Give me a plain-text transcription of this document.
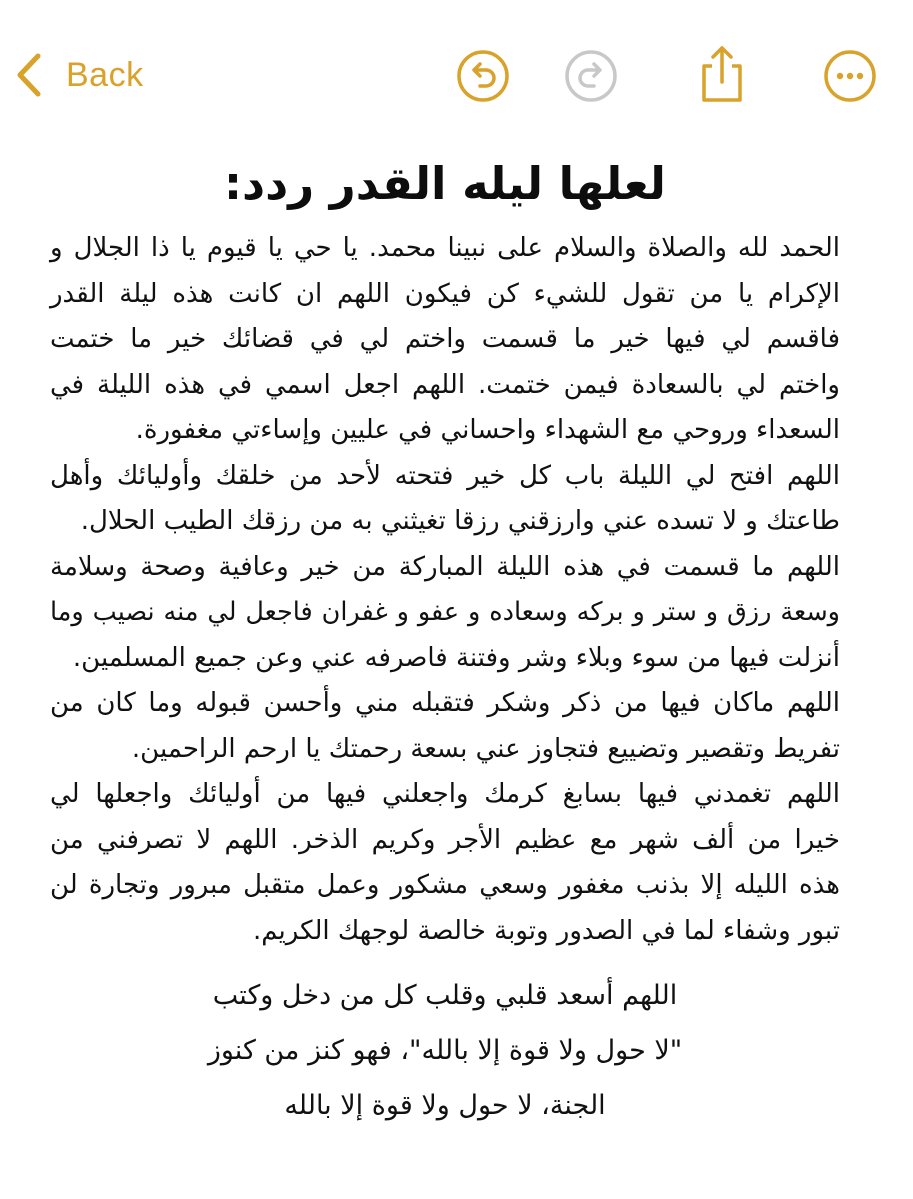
Back
لعلها ليله القدر ردد:
الحمد لله والصلاة والسلام على نبينا محمد. يا حي يا قيوم يا ذا الجلال و
الإكرام يا من تقول للشيء كن فيكون اللهم ان كانت هذه ليلة القدر
فاقسم لي فيها خير ما قسمت واختم لي في قضائك خير ما ختمت
واختم لي بالسعادة فيمن ختمت. اللهم اجعل اسمي في هذه الليلة في
السعداء وروحي مع الشهداء واحساني في عليين وإساءتي مغفورة.
اللهم افتح لي الليلة باب كل خير فتحته لأحد من خلقك وأوليائك وأهل
طاعتك و لا تسده عني وارزقني رزقا تغيثني به من رزقك الطيب الحلال.
اللهم ما قسمت في هذه الليلة المباركة من خير وعافية وصحة وسلامة
وسعة رزق و ستر و بركه وسعاده و عفو و غفران فاجعل لي منه نصيب وما
أنزلت فيها من سوء وبلاء وشر وفتنة فاصرفه عني وعن جميع المسلمين.
اللهم ماكان فيها من ذكر وشكر فتقبله مني وأحسن قبوله وما كان من
تفريط وتقصير وتضييع فتجاوز عني بسعة رحمتك يا ارحم الراحمين.
اللهم تغمدني فيها بسابغ كرمك واجعلني فيها من أوليائك واجعلها لي
خيرا من ألف شهر مع عظيم الأجر وكريم الذخر. اللهم لا تصرفني من
هذه الليله إلا بذنب مغفور وسعي مشكور وعمل متقبل مبرور وتجارة لن
تبور وشفاء لما في الصدور وتوبة خالصة لوجهك الكريم.
اللهم أسعد قلبي وقلب كل من دخل وكتب
"لا حول ولا قوة إلا بالله"، فهو كنز من كنوز
الجنة، لا حول ولا قوة إلا بالله
